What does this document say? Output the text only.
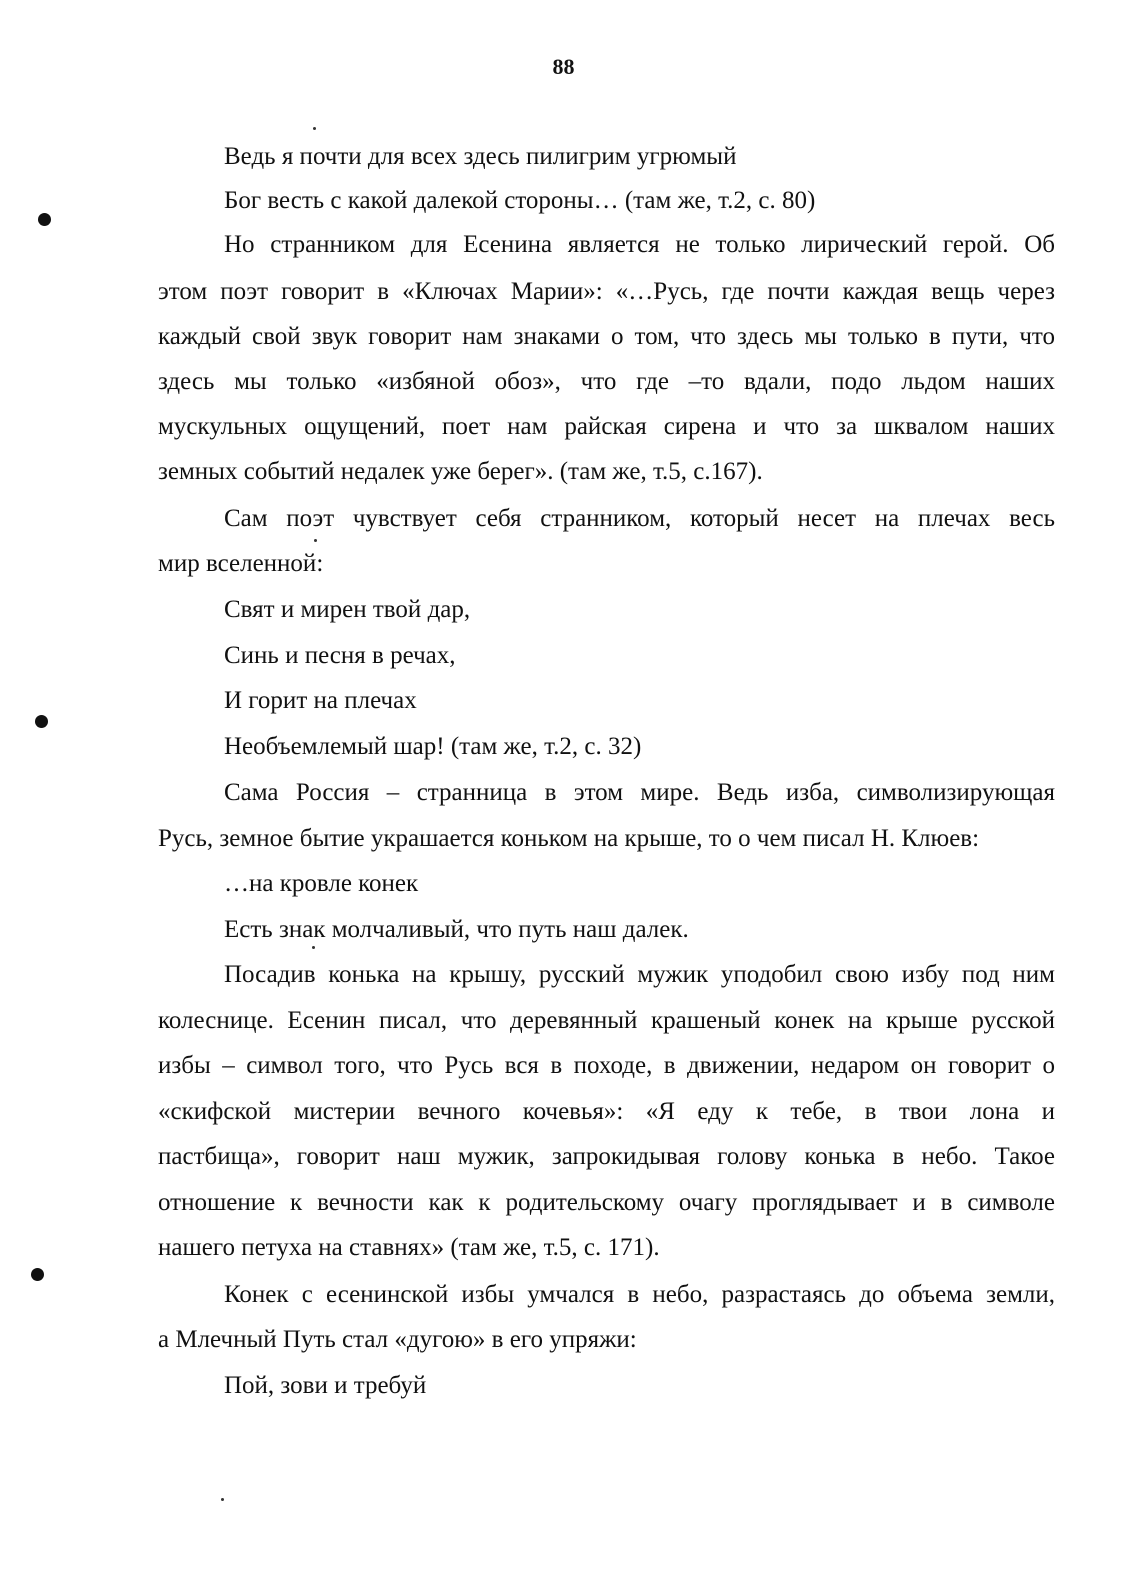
88
Ведь я почти для всех здесь пилигрим угрюмый
Бог весть с какой далекой стороны… (там же, т.2, с. 80)
Но странником для Есенина является не только лирический герой. Об
этом поэт говорит в «Ключах Марии»: «…Русь, где почти каждая вещь через
каждый свой звук говорит нам знаками о том, что здесь мы только в пути, что
здесь мы только «избяной обоз», что где –то вдали, подо льдом наших
мускульных ощущений, поет нам райская сирена и что за шквалом наших
земных событий недалек уже берег». (там же, т.5, с.167).
Сам поэт чувствует себя странником, который несет на плечах весь
мир вселенной:
Свят и мирен твой дар,
Синь и песня в речах,
И горит на плечах
Необъемлемый шар! (там же, т.2, с. 32)
Сама Россия – странница в этом мире. Ведь изба, символизирующая
Русь, земное бытие украшается коньком на крыше, то о чем писал Н. Клюев:
…на кровле конек
Есть знак молчаливый, что путь наш далек.
Посадив конька на крышу, русский мужик уподобил свою избу под ним
колеснице. Есенин писал, что деревянный крашеный конек на крыше русской
избы – символ того, что Русь вся в походе, в движении, недаром он говорит о
«скифской мистерии вечного кочевья»: «Я еду к тебе, в твои лона и
пастбища», говорит наш мужик, запрокидывая голову конька в небо. Такое
отношение к вечности как к родительскому очагу проглядывает и в символе
нашего петуха на ставнях» (там же, т.5, с. 171).
Конек с есенинской избы умчался в небо, разрастаясь до объема земли,
а Млечный Путь стал «дугою» в его упряжи:
Пой, зови и требуй
